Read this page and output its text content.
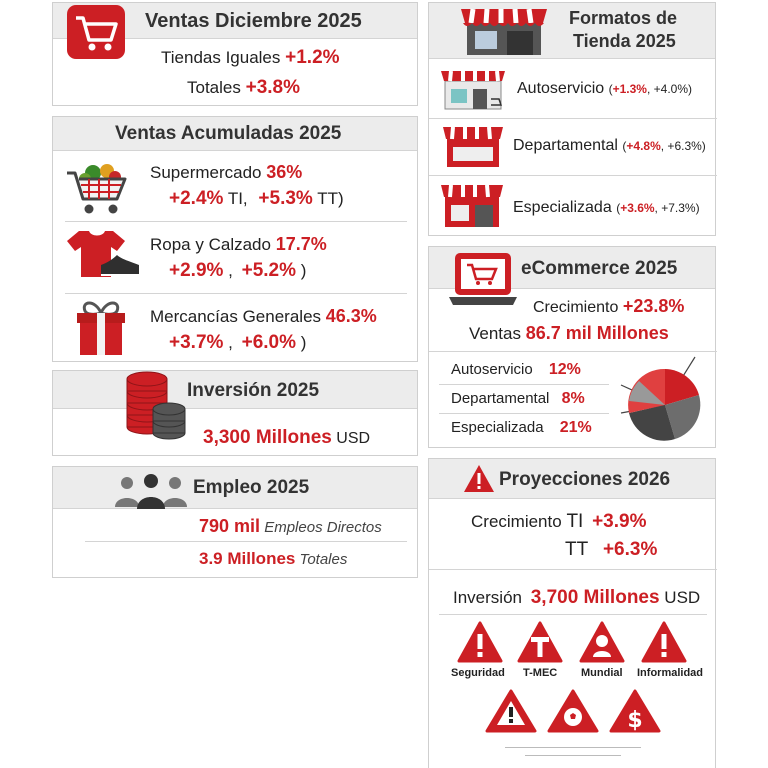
Ventas Diciembre 2025
Tiendas Iguales +1.2%
Totales +3.8%
Ventas Acumuladas 2025
Supermercado 36%
+2.4% TI, +5.3% TT)
Ropa y Calzado 17.7%
+2.9% , +5.2% )
Mercancías Generales 46.3%
+3.7% , +6.0% )
Inversión 2025
3,300 Millones USD
Empleo 2025
790 mil Empleos Directos
3.9 Millones Totales
Formatos de
Tienda 2025
Autoservicio (+1.3%, +4.0%)
Departamental (+4.8%, +6.3%)
Especializada (+3.6%, +7.3%)
eCommerce 2025
Crecimiento +23.8%
Ventas 86.7 mil Millones
Autoservicio 12%
Departamental 8%
Especializada 21%
Proyecciones 2026
Crecimiento TI +3.9%
TT +6.3%
Inversión 3,700 Millones USD
Seguridad T-MEC Mundial Informalidad
$
